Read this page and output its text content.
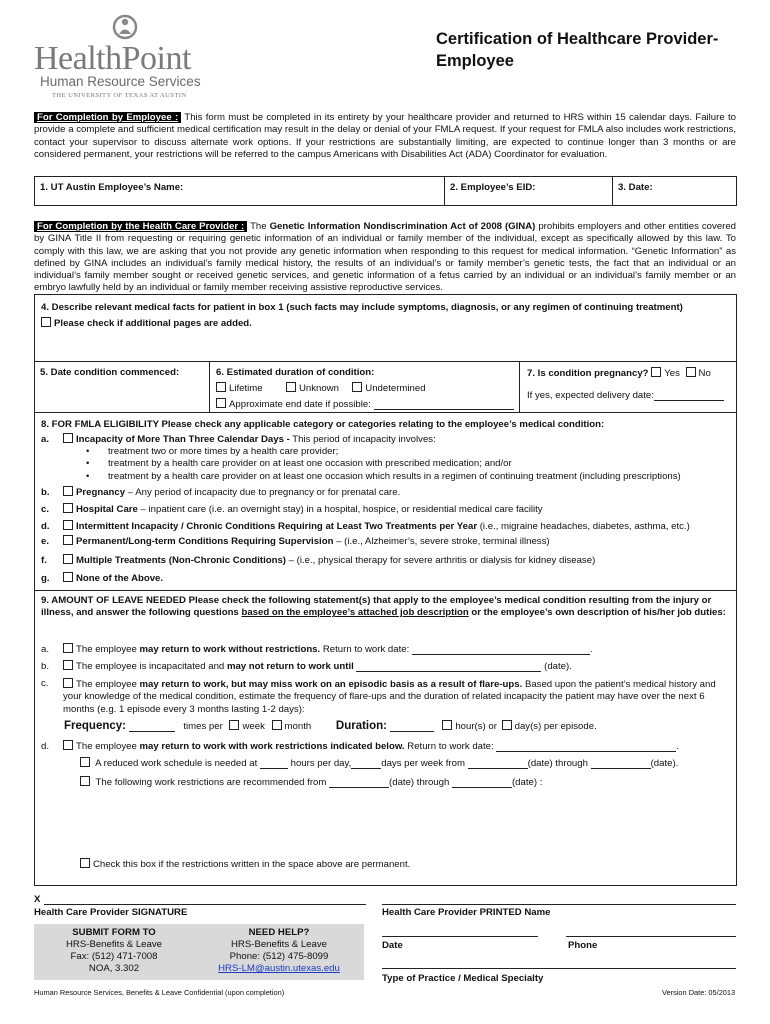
HealthPoint
Human Resource Services
THE UNIVERSITY OF TEXAS AT AUSTIN
Certification of Healthcare Provider-
Employee
For Completion by Employee : This form must be completed in its entirety by your healthcare provider and returned to HRS within 15 calendar days. Failure to provide a complete and sufficient medical certification may result in the delay or denial of your FMLA request. If your request for FMLA also includes work restrictions, contact your supervisor to discuss alternate work options. If your restrictions are substantially limiting, are expected to continue longer than 3 months or are considered permanent, your restrictions will be referred to the campus Americans with Disabilities Act (ADA) Coordinator for evaluation.
1. UT Austin Employee’s Name:	2. Employee’s EID:	3. Date:
For Completion by the Health Care Provider : The Genetic Information Nondiscrimination Act of 2008 (GINA) prohibits employers and other entities covered by GINA Title II from requesting or requiring genetic information of an individual or family member of the individual, except as specifically allowed by this law. To comply with this law, we are asking that you not provide any genetic information when responding to this request for medical information. “Genetic Information” as defined by GINA includes an individual’s family medical history, the results of an individual’s or family member’s genetic tests, the fact that an individual or an individual’s family member sought or received genetic services, and genetic information of a fetus carried by an individual or an individual’s family member or an embryo lawfully held by an individual or family member receiving assistive reproductive services.
4. Describe relevant medical facts for patient in box 1 (such facts may include symptoms, diagnosis, or any regimen of continuing treatment)
Please check if additional pages are added.
5. Date condition commenced:	6. Estimated duration of condition:
Lifetime	Unknown	Undetermined
Approximate end date if possible:
7. Is condition pregnancy? Yes No
If yes, expected delivery date:
8. FOR FMLA ELIGIBILITY Please check any applicable category or categories relating to the employee’s medical condition:
a.	Incapacity of More Than Three Calendar Days - This period of incapacity involves:
• treatment two or more times by a health care provider;
• treatment by a health care provider on at least one occasion with prescribed medication; and/or
• treatment by a health care provider on at least one occasion which results in a regimen of continuing treatment (including prescriptions)
b.	Pregnancy – Any period of incapacity due to pregnancy or for prenatal care.
c.	Hospital Care – inpatient care (i.e. an overnight stay) in a hospital, hospice, or residential medical care facility
d.	Intermittent Incapacity / Chronic Conditions Requiring at Least Two Treatments per Year (i.e., migraine headaches, diabetes, asthma, etc.)
e.	Permanent/Long-term Conditions Requiring Supervision – (i.e., Alzheimer’s, severe stroke, terminal illness)
f.	Multiple Treatments (Non-Chronic Conditions) – (i.e., physical therapy for severe arthritis or dialysis for kidney disease)
g.	None of the Above.
9. AMOUNT OF LEAVE NEEDED Please check the following statement(s) that apply to the employee’s medical condition resulting from the injury or illness, and answer the following questions based on the employee’s attached job description or the employee’s own description of his/her job duties:
a.	The employee may return to work without restrictions. Return to work date:	.
b.	The employee is incapacitated and may not return to work until	(date).
c.	The employee may return to work, but may miss work on an episodic basis as a result of flare-ups. Based upon the patient’s medical history and your knowledge of the medical condition, estimate the frequency of flare-ups and the duration of related incapacity the patient may have over the next 6 months (e.g. 1 episode every 3 months lasting 1-2 days):
Frequency:	times per week month Duration:	hour(s) or day(s) per episode.
d.	The employee may return to work with work restrictions indicated below. Return to work date:	.
A reduced work schedule is needed at	hours per day,	days per week from	(date) through	(date).
The following work restrictions are recommended from	(date) through	(date) :
Check this box if the restrictions written in the space above are permanent.
X
Health Care Provider SIGNATURE	Health Care Provider PRINTED Name
SUBMIT FORM TO
HRS-Benefits & Leave
Fax: (512) 471-7008
NOA, 3.302
NEED HELP?
HRS-Benefits & Leave
Phone: (512) 475-8099
HRS-LM@austin.utexas.edu
Date	Phone
Type of Practice / Medical Specialty
Human Resource Services, Benefits & Leave Confidential (upon completion)	Version Date: 05/2013
